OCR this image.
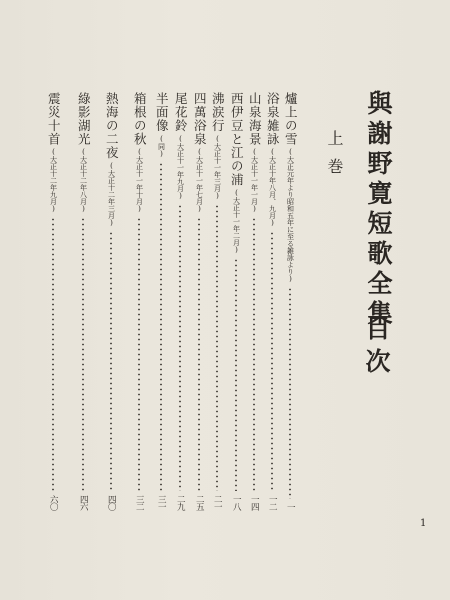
與謝野寛短歌全集
目次
上巻
爐上の雪
(大正元年より昭和五年に至る雑詠より)
一
浴泉雑詠
(大正十年八月、九月)
一二
山泉海景
(大正十一年一月)
一四
西伊豆と江の浦
(大正十一年二月)
一八
沸涙行
(大正十一年三月)
二一
四萬浴泉
(大正十一年七月)
二五
尾花鈴
(大正十一年九月)
二九
半面像
(同)
三一
箱根の秋
(大正十一年十月)
三二
熱海の二夜
(大正十二年三月)
四〇
綠影湖光
(大正十二年八月)
四六
震災十首
(大正十二年九月)
六〇
1
